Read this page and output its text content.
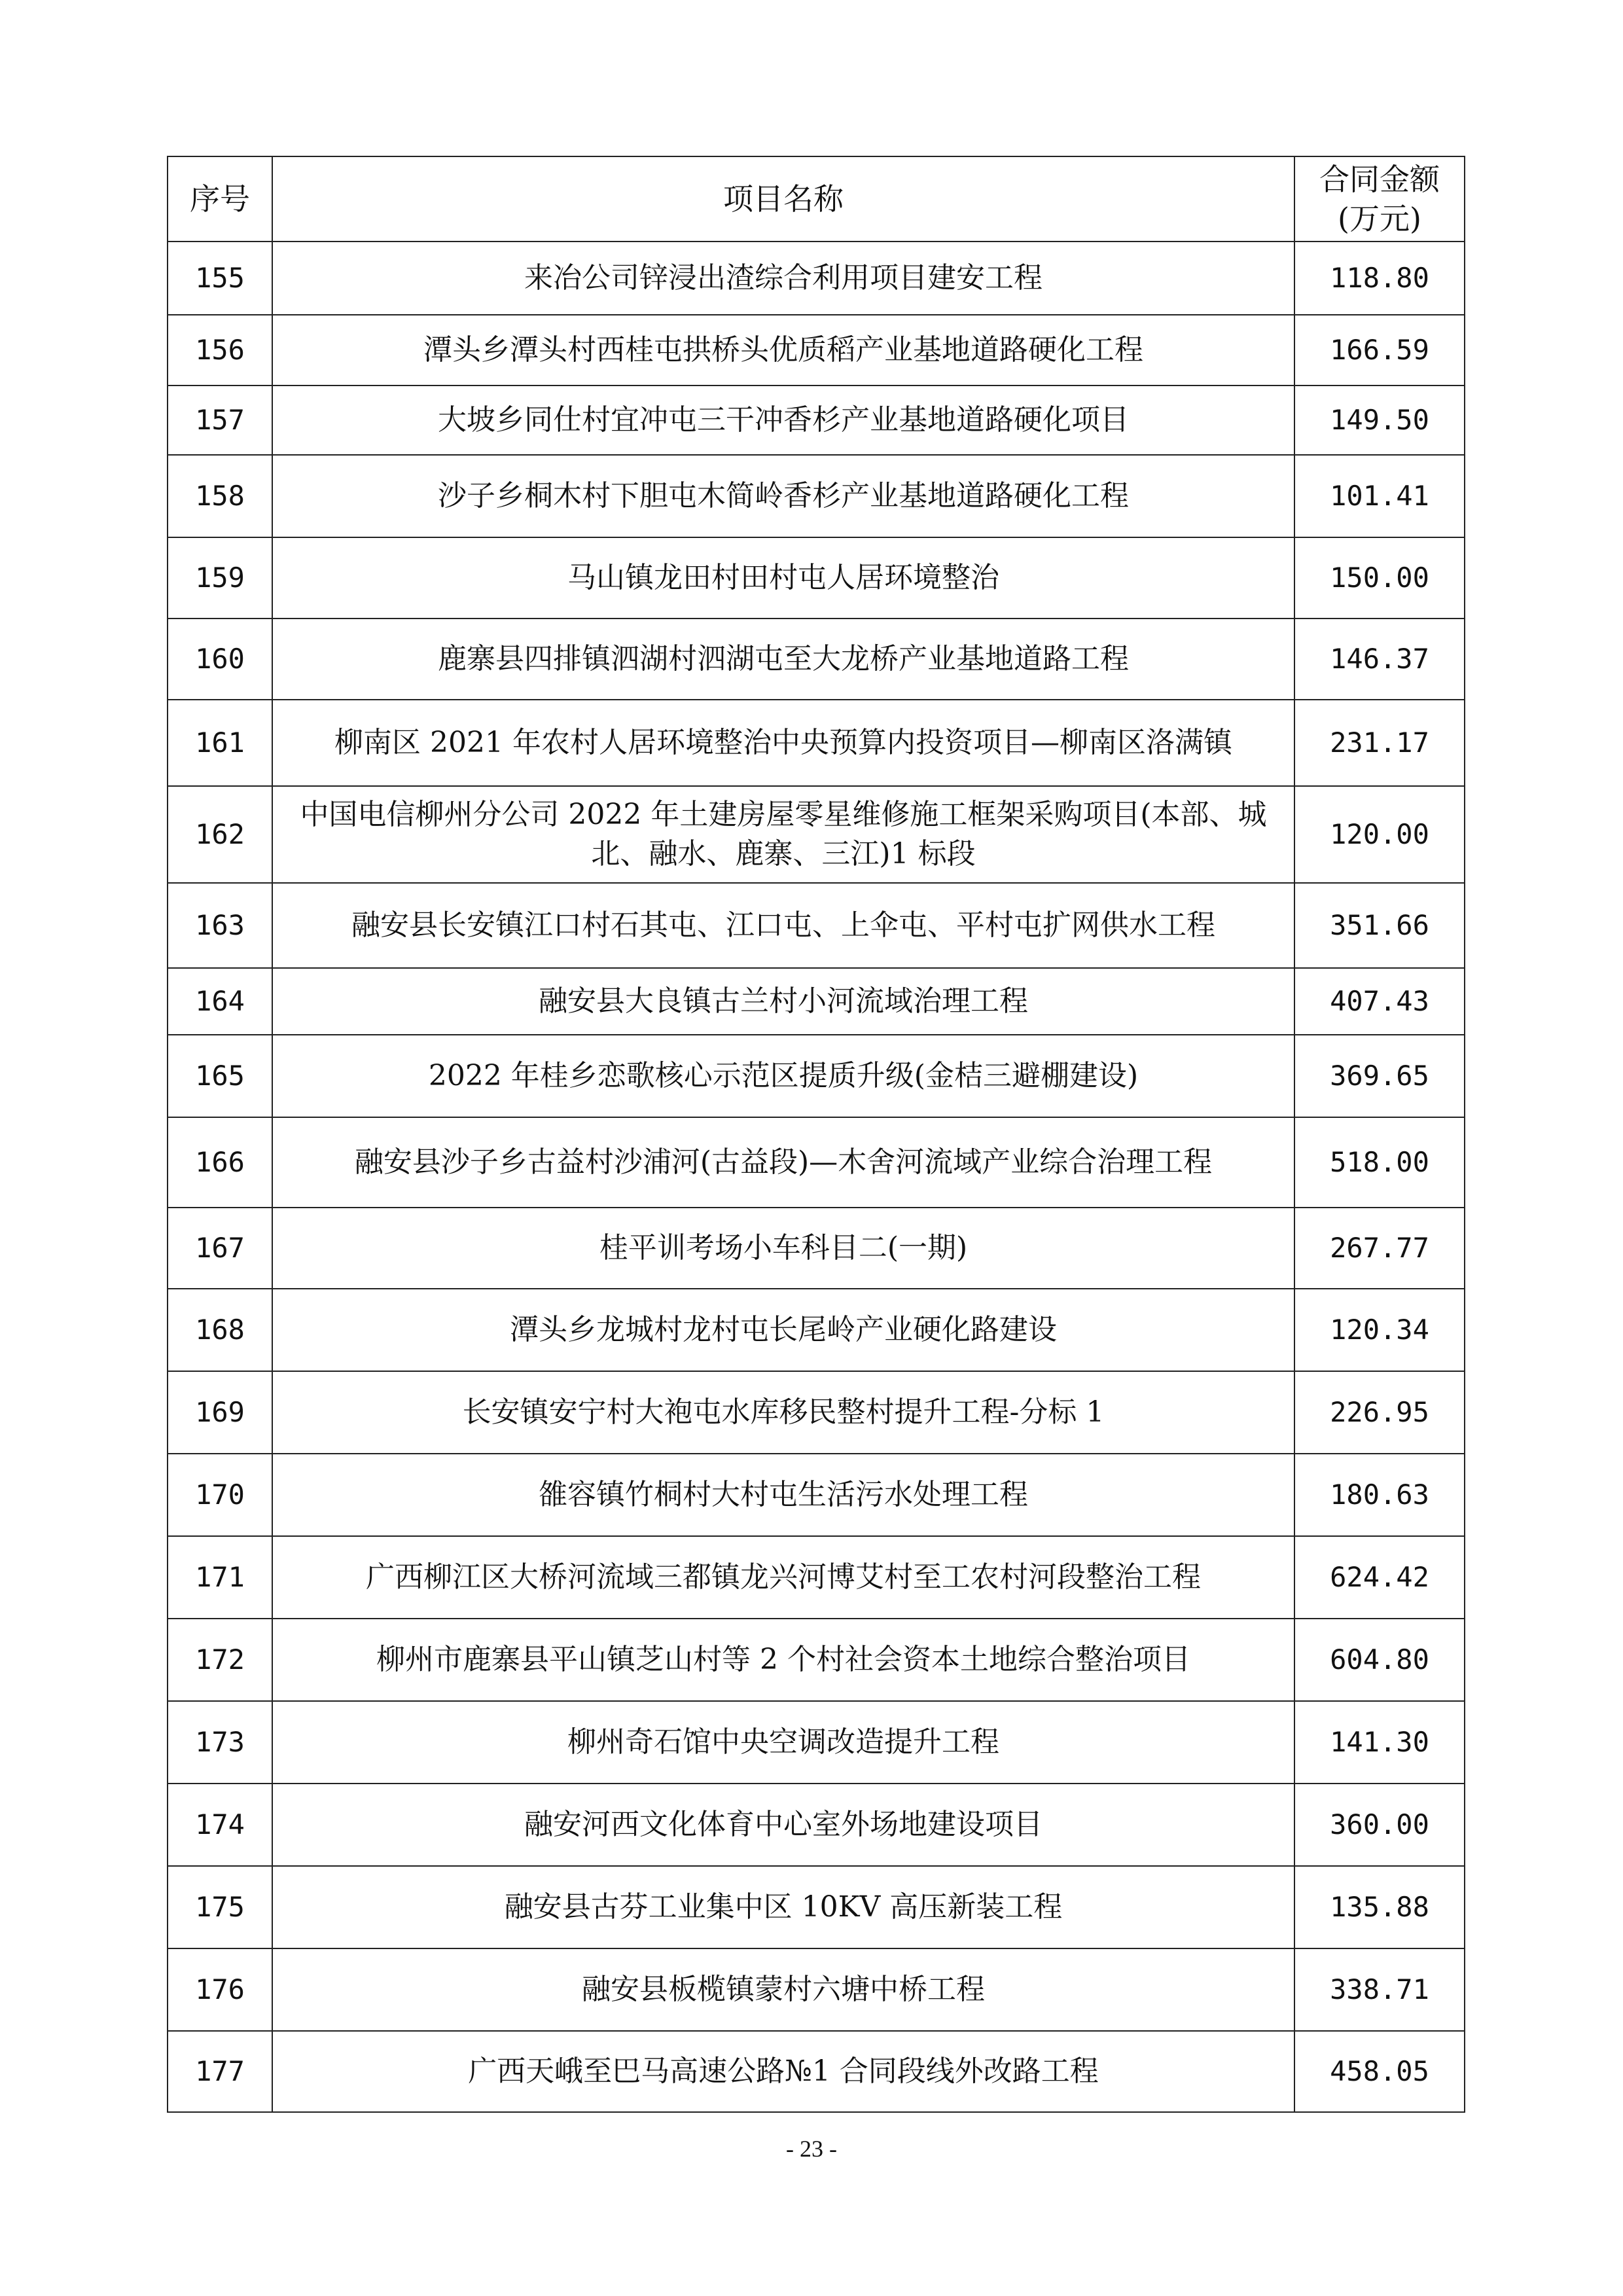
序号	项目名称	合同金额
(万元)

155	来冶公司锌浸出渣综合利用项目建安工程	118.80
156	潭头乡潭头村西桂屯拱桥头优质稻产业基地道路硬化工程	166.59
157	大坡乡同仕村宜冲屯三干冲香杉产业基地道路硬化项目	149.50
158	沙子乡桐木村下胆屯木简岭香杉产业基地道路硬化工程	101.41
159	马山镇龙田村田村屯人居环境整治	150.00
160	鹿寨县四排镇泗湖村泗湖屯至大龙桥产业基地道路工程	146.37
161	柳南区 2021 年农村人居环境整治中央预算内投资项目—柳南区洛满镇	231.17
162	中国电信柳州分公司 2022 年土建房屋零星维修施工框架采购项目(本部、城北、融水、鹿寨、三江)1 标段	120.00
163	融安县长安镇江口村石其屯、江口屯、上伞屯、平村屯扩网供水工程	351.66
164	融安县大良镇古兰村小河流域治理工程	407.43
165	2022 年桂乡恋歌核心示范区提质升级(金桔三避棚建设)	369.65
166	融安县沙子乡古益村沙浦河(古益段)—木舍河流域产业综合治理工程	518.00
167	桂平训考场小车科目二(一期)	267.77
168	潭头乡龙城村龙村屯长尾岭产业硬化路建设	120.34
169	长安镇安宁村大袍屯水库移民整村提升工程-分标 1	226.95
170	雒容镇竹桐村大村屯生活污水处理工程	180.63
171	广西柳江区大桥河流域三都镇龙兴河博艾村至工农村河段整治工程	624.42
172	柳州市鹿寨县平山镇芝山村等 2 个村社会资本土地综合整治项目	604.80
173	柳州奇石馆中央空调改造提升工程	141.30
174	融安河西文化体育中心室外场地建设项目	360.00
175	融安县古芬工业集中区 10KV 高压新装工程	135.88
176	融安县板榄镇蒙村六塘中桥工程	338.71
177	广西天峨至巴马高速公路№1 合同段线外改路工程	458.05
- 23 -
